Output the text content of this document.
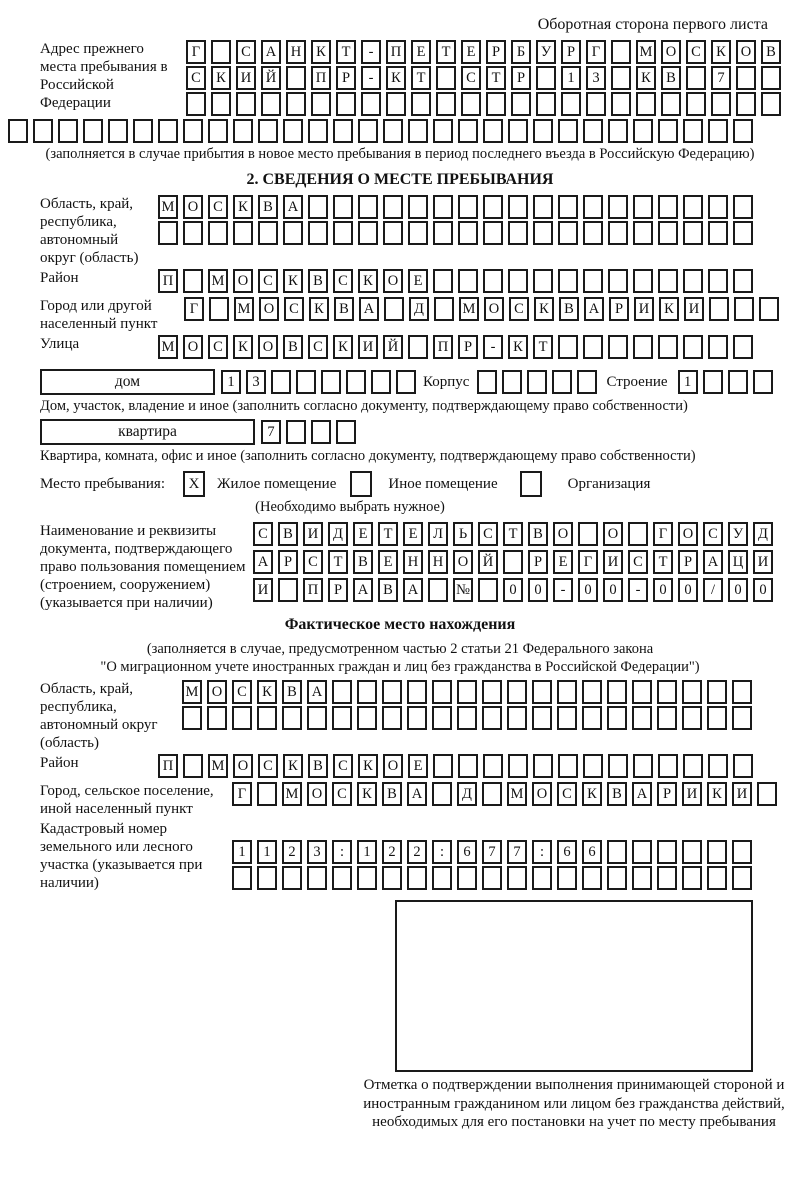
Оборотная сторона первого листа
Адрес прежнего места пребывания в Российской Федерации
Г	С	А	Н	К	Т	-	П	Е	Т	Е	Р	Б	У	Р	Г	М О	С	К	О	В
С	К	И	Й	П	Р	-	К	Т	С	Т	Р	1	3	К	В	7
(заполняется в случае прибытия в новое место пребывания в период последнего въезда в Российскую Федерацию)
2. СВЕДЕНИЯ О МЕСТЕ ПРЕБЫВАНИЯ
Область, край, республика, автономный округ (область)
М О	С	К	В	А
Район	П	М О	С	К	В	С	К	О	Е
Город или другой населенный пункт
Г	М О	С	К	В	А	Д	М О	С	К	В	А	Р	И	К	И
Улица	М О	С	К	О	В	С	К	И	Й	П	Р	-	К	Т
дом	1	3	Корпус	Строение	1
Дом, участок, владение и иное (заполнить согласно документу, подтверждающему право собственности)
квартира	7
Квартира, комната, офис и иное (заполнить согласно документу, подтверждающему право собственности)
Место пребывания:	X	Жилое помещение	Иное помещение	Организация
(Необходимо выбрать нужное)
Наименование и реквизиты документа, подтверждающего право пользования помещением (строением, сооружением) (указывается при наличии)
С	В	И	Д	Е	Т	Е	Л	Ь	С	Т	В	О	О	Г	О	С	У	Д
А	Р	С	Т	В	Е	Н	Н	О	Й	Р	Е	Г	И	С	Т	Р	А	Ц	И
И	П	Р	А	В	А	№	0	0	-	0	0	-	0	0	/	0	0
Фактическое место нахождения
(заполняется в случае, предусмотренном частью 2 статьи 21 Федерального закона
"О миграционном учете иностранных граждан и лиц без гражданства в Российской Федерации")
Область, край, республика, автономный округ (область)
М О	С	К	В	А
Район	П	М О	С	К	В	С	К	О	Е
Город, сельское поселение, иной населенный пункт
Г	М О	С	К	В	А	Д	М О	С	К	В	А	Р	И	К	И
Кадастровый номер земельного или лесного участка (указывается при наличии)
1	1	2	3	:	1	2	2	:	6	7	7	:	6	6
Отметка о подтверждении выполнения принимающей стороной и иностранным гражданином или лицом без гражданства действий, необходимых для его постановки на учет по месту пребывания
